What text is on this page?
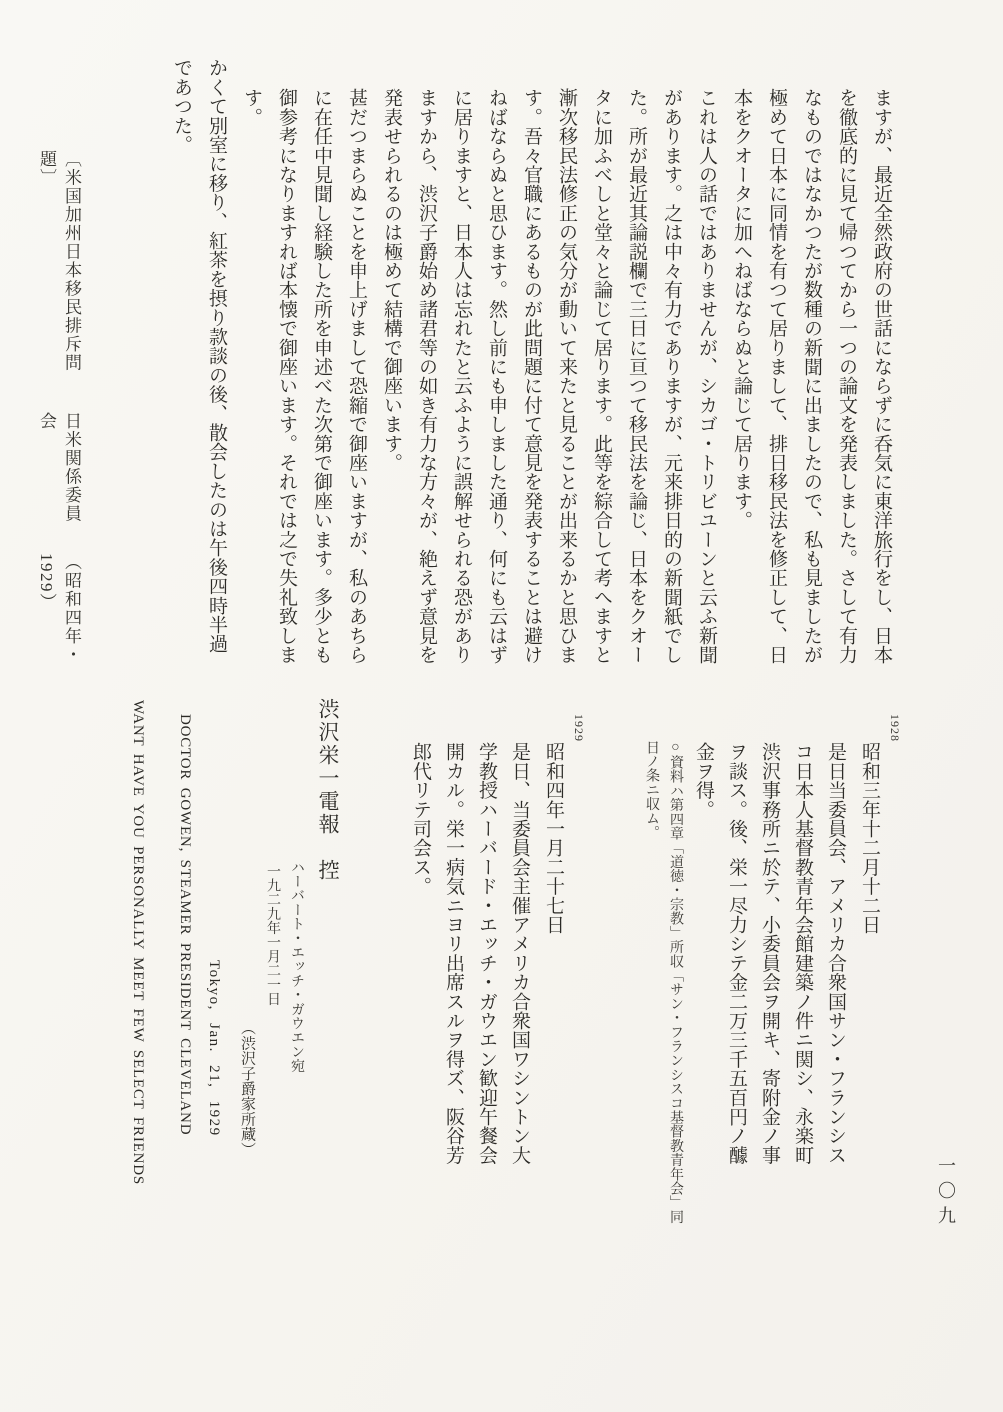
〔米国加州日本移民排斥問題〕
日米関係委員会
（昭和四年・1929）	ますが、最近全然政府の世話にならずに呑気に東洋旅行をし、日本
を徹底的に見て帰つてから一つの論文を発表しました。さして有力
なものではなかつたが数種の新聞に出ましたので、私も見ましたが
極めて日本に同情を有つて居りまして、排日移民法を修正して、日
本をクオータに加へねばならぬと論じて居ります。
これは人の話ではありませんが、シカゴ・トリビユーンと云ふ新聞
があります。之は中々有力でありますが、元来排日的の新聞紙でし
た。所が最近其論説欄で三日に亘つて移民法を論じ、日本をクオー
タに加ふべしと堂々と論じて居ります。此等を綜合して考へますと
漸次移民法修正の気分が動いて来たと見ることが出来るかと思ひま
す。吾々官職にあるものが此問題に付て意見を発表することは避け
ねばならぬと思ひます。然し前にも申しました通り、何にも云はず
に居りますと、日本人は忘れたと云ふように誤解せられる恐があり
ますから、渋沢子爵始め諸君等の如き有力な方々が、絶えず意見を
発表せられるのは極めて結構で御座います。
甚だつまらぬことを申上げまして恐縮で御座いますが、私のあちら
に在任中見聞し経験した所を申述べた次第で御座います。多少とも
御参考になりますれば本懐で御座います。それでは之で失礼致しま
す。
かくて別室に移り、紅茶を摂り款談の後、散会したのは午後四時半過
であつた。
1928
昭和三年十二月十二日
是日当委員会、アメリカ合衆国サン・フランシス
コ日本人基督教青年会館建築ノ件ニ関シ、永楽町
渋沢事務所ニ於テ、小委員会ヲ開キ、寄附金ノ事
ヲ談ス。後、栄一尽力シテ金二万三千五百円ノ醵
金ヲ得。
○資料ハ第四章「道徳・宗教」所収「サン・フランシスコ基督教青年会」同
日ノ条ニ収ム。
1929
昭和四年一月二十七日
是日、当委員会主催アメリカ合衆国ワシントン大
学教授ハーバード・エッチ・ガウエン歓迎午餐会
開カル。栄一病気ニヨリ出席スルヲ得ズ、阪谷芳
郎代リテ司会ス。
渋沢栄一電報　控
ハーバート・エッチ・ガウエン宛
一九二九年一月二一日
（渋沢子爵家所蔵）
Tokyo, Jan. 21, 1929
DOCTOR GOWEN, STEAMER PRESIDENT CLEVELAND
WANT HAVE YOU PERSONALLY MEET FEW SELECT FRIENDS
一〇九
